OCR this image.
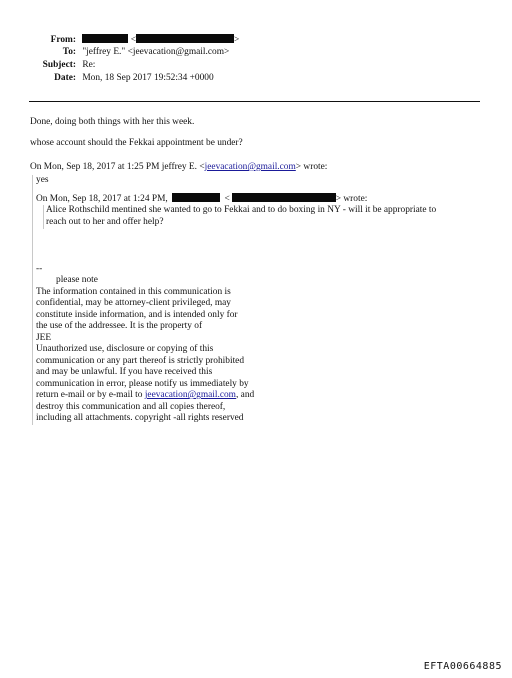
From:	<	>
To: "jeffrey E." <jeevacation@gmail.com>
Subject: Re:
Date: Mon, 18 Sep 2017 19:52:34 +0000
Done, doing both things with her this week.
whose account should the Fekkai appointment be under?
On Mon, Sep 18, 2017 at 1:25 PM jeffrey E. <jeevacation@gmail.com> wrote:
yes
On Mon, Sep 18, 2017 at 1:24 PM,	<	> wrote:
Alice Rothschild mentined she wanted to go to Fekkai and to do boxing in NY - will it be appropriate to
reach out to her and offer help?
--
please note
The information contained in this communication is
confidential, may be attorney-client privileged, may
constitute inside information, and is intended only for
the use of the addressee. It is the property of
JEE
Unauthorized use, disclosure or copying of this
communication or any part thereof is strictly prohibited
and may be unlawful. If you have received this
communication in error, please notify us immediately by
return e-mail or by e-mail to jeevacation@gmail.com, and
destroy this communication and all copies thereof,
including all attachments. copyright -all rights reserved
EFTA00664885
